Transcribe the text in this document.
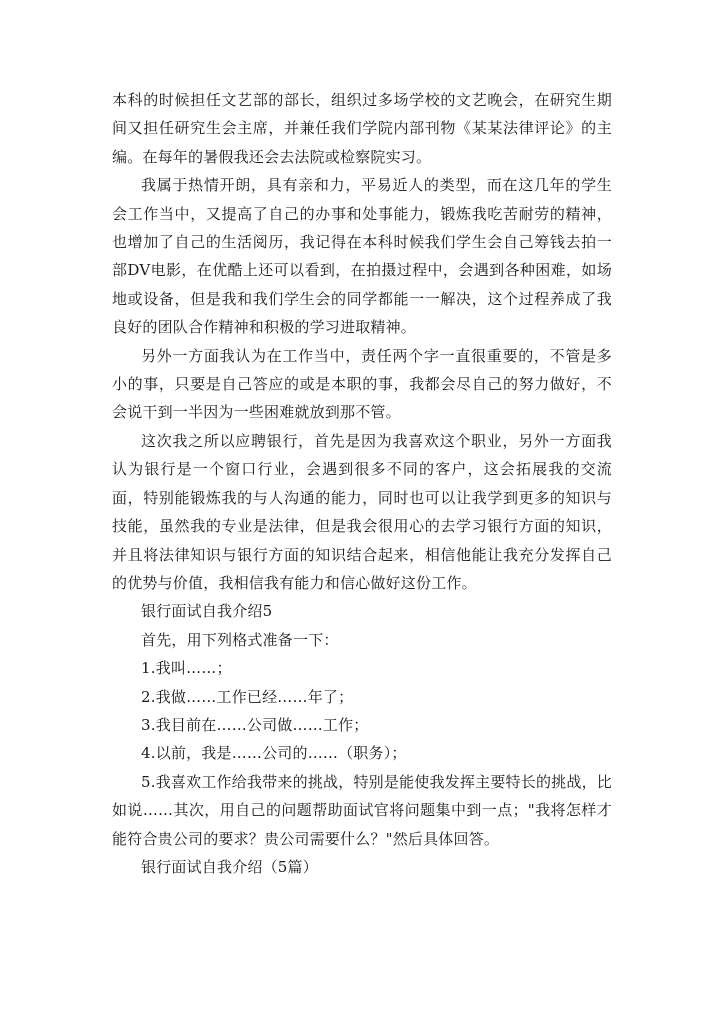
本科的时候担任文艺部的部长，组织过多场学校的文艺晚会，在研究生期间又担任研究生会主席，并兼任我们学院内部刊物《某某法律评论》的主编。在每年的暑假我还会去法院或检察院实习。

我属于热情开朗，具有亲和力，平易近人的类型，而在这几年的学生会工作当中，又提高了自己的办事和处事能力，锻炼我吃苦耐劳的精神，也增加了自己的生活阅历，我记得在本科时候我们学生会自己筹钱去拍一部DV电影，在优酷上还可以看到，在拍摄过程中，会遇到各种困难，如场地或设备，但是我和我们学生会的同学都能一一解决，这个过程养成了我良好的团队合作精神和积极的学习进取精神。

另外一方面我认为在工作当中，责任两个字一直很重要的，不管是多小的事，只要是自己答应的或是本职的事，我都会尽自己的努力做好，不会说干到一半因为一些困难就放到那不管。

这次我之所以应聘银行，首先是因为我喜欢这个职业，另外一方面我认为银行是一个窗口行业，会遇到很多不同的客户，这会拓展我的交流面，特别能锻炼我的与人沟通的能力，同时也可以让我学到更多的知识与技能，虽然我的专业是法律，但是我会很用心的去学习银行方面的知识，并且将法律知识与银行方面的知识结合起来，相信他能让我充分发挥自己的优势与价值，我相信我有能力和信心做好这份工作。

银行面试自我介绍5

首先，用下列格式准备一下：

1.我叫……；

2.我做……工作已经……年了；

3.我目前在……公司做……工作；

4.以前，我是……公司的……（职务）；

5.我喜欢工作给我带来的挑战，特别是能使我发挥主要特长的挑战，比如说……其次，用自己的问题帮助面试官将问题集中到一点；"我将怎样才能符合贵公司的要求？贵公司需要什么？"然后具体回答。

银行面试自我介绍（5篇）
